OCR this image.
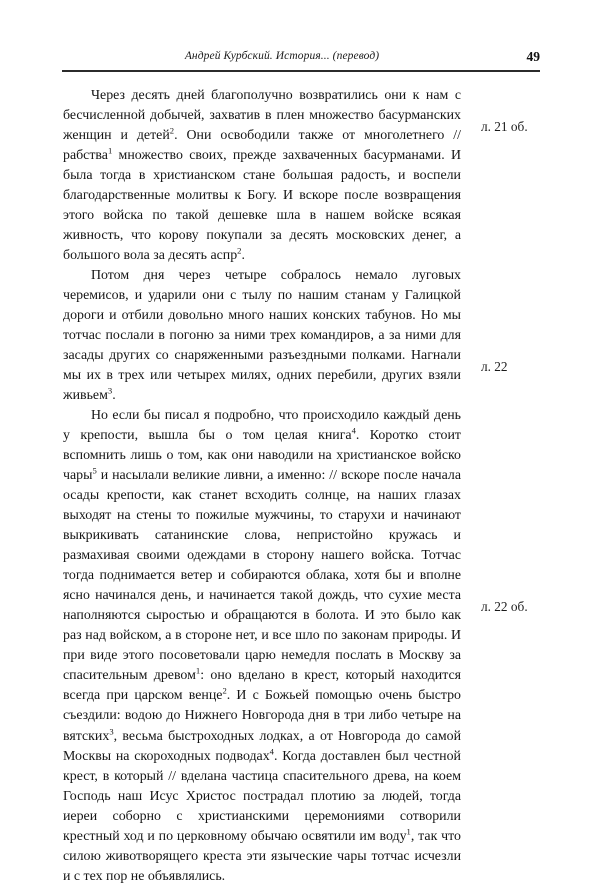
Андрей Курбский. История... (перевод)	49

Через десять дней благополучно возвратились они к нам с бесчисленной добычей, захватив в плен множество басурманских женщин и детей$^2$. Они освободили также от многолетнего // рабства$^1$ множество своих, прежде захваченных басурманами. И была тогда в христианском стане большая радость, и воспели благодарственные молитвы к Богу. И вскоре после возвращения этого войска по такой дешевке шла в нашем войске всякая живность, что корову покупали за десять московских денег, а большого вола за десять аспр$^2$.

Потом дня через четыре собралось немало луговых черемисов, и ударили они с тылу по нашим станам у Галицкой дороги и отбили довольно много наших конских табунов. Но мы тотчас послали в погоню за ними трех командиров, а за ними для засады других со снаряженными разъездными полками. Нагнали мы их в трех или четырех милях, одних перебили, других взяли живьем$^3$.

Но если бы писал я подробно, что происходило каждый день у крепости, вышла бы о том целая книга$^4$. Коротко стоит вспомнить лишь о том, как они наводили на христианское войско чары$^5$ и насылали великие ливни, а именно: // вскоре после начала осады крепости, как станет всходить солнце, на наших глазах выходят на стены то пожилые мужчины, то старухи и начинают выкрикивать сатанинские слова, непристойно кружась и размахивая своими одеждами в сторону нашего войска. Тотчас тогда поднимается ветер и собираются облака, хотя бы и вполне ясно начинался день, и начинается такой дождь, что сухие места наполняются сыростью и обращаются в болота. И это было как раз над войском, а в стороне нет, и все шло по законам природы. И при виде этого посоветовали царю немедля послать в Москву за спасительным древом$^1$: оно вделано в крест, который находится всегда при царском венце$^2$. И с Божьей помощью очень быстро съездили: водою до Нижнего Новгорода дня в три либо четыре на вятских$^3$, весьма быстроходных лодках, а от Новгорода до самой Москвы на скороходных подводах$^4$. Когда доставлен был честной крест, в который // вделана частица спасительного древа, на коем Господь наш Исус Христос пострадал плотию за людей, тогда иереи соборно с христианскими церемониями сотворили крестный ход и по церковному обычаю освятили им воду$^1$, так что силою животворящего креста эти языческие чары тотчас исчезли и с тех пор не объявлялись.

л. 21 об.
л. 22
л. 22 об.
